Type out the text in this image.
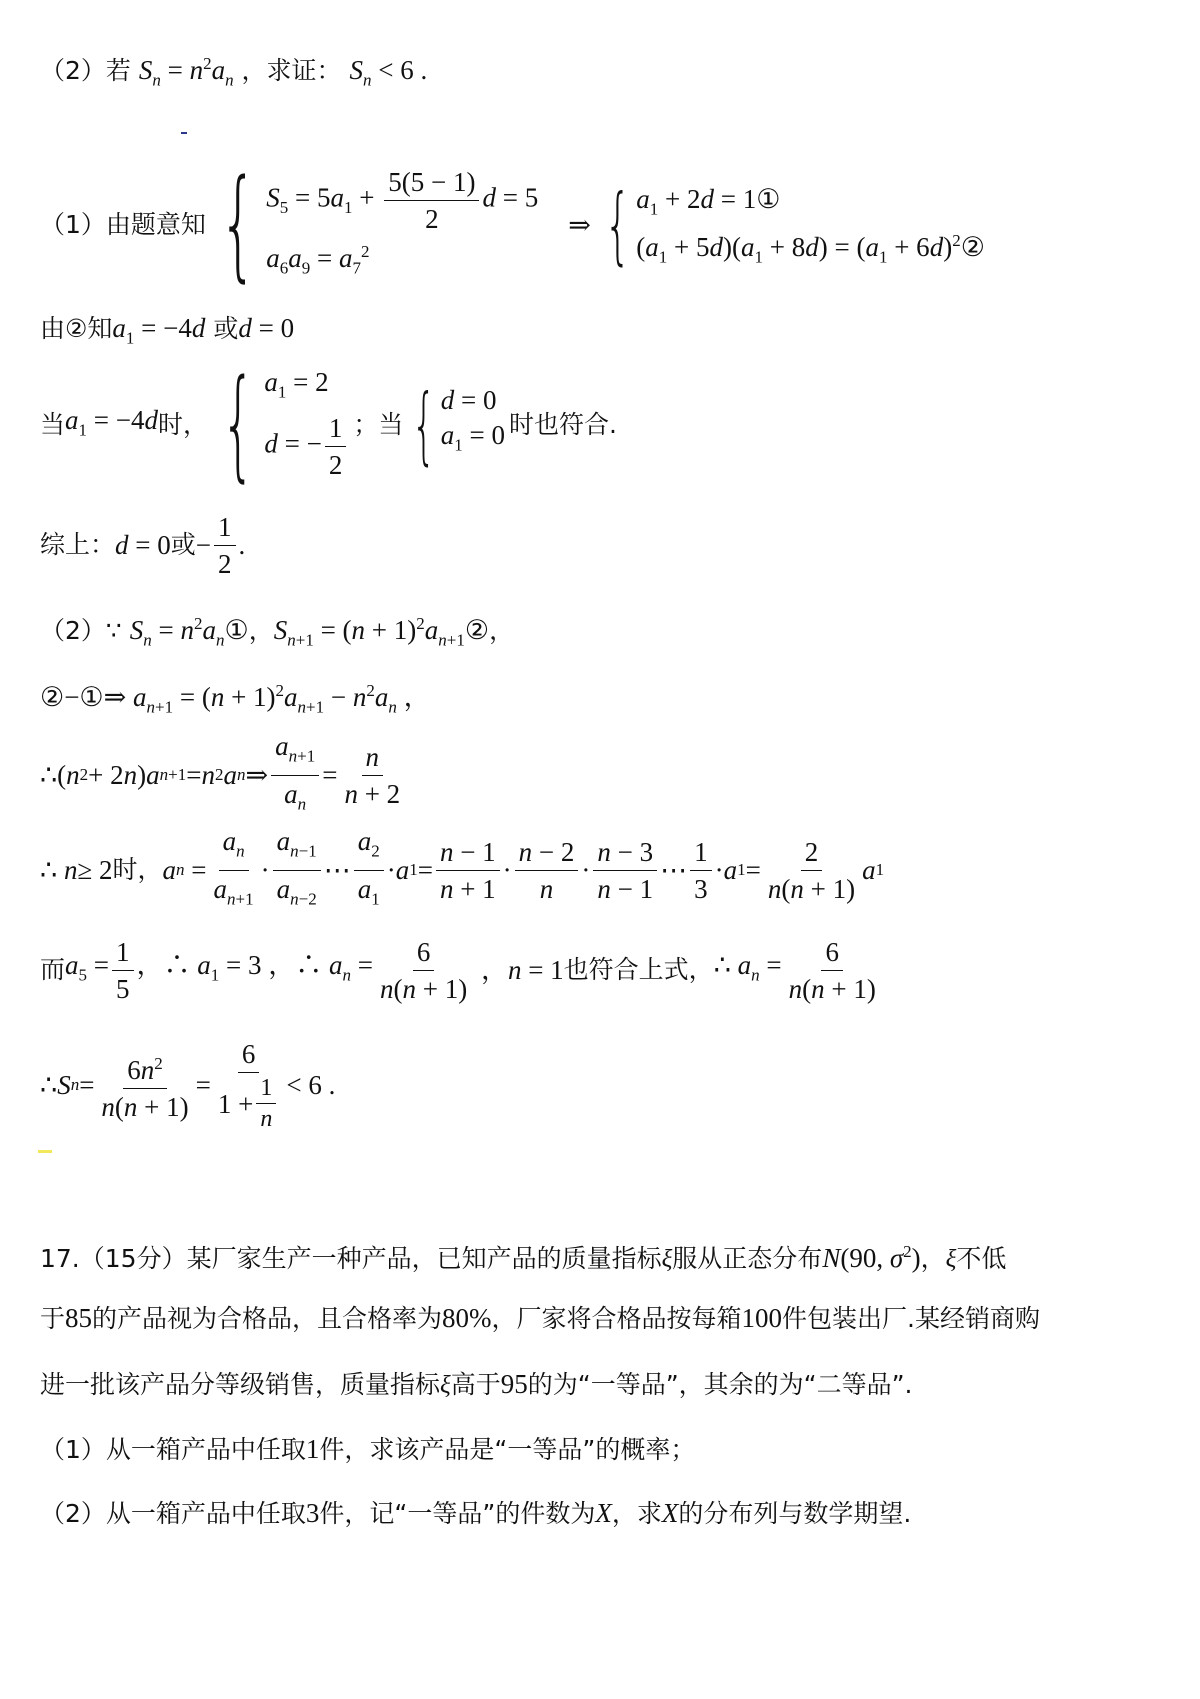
（2）若 $S_n = n^2a_n$ ，求证： $S_n < 6$ .
（1）由题意知 { $S_5 = 5a_1 + \frac{5(5 - 1)}{2}$ d = 5
$a_6a_9 = a_7^2$
⇒ { $a_1 + 2d$ = 1①
$(a_1 + 5d)(a_1 + 8d) = (a_1$ + $6d)^2②$
由②知$a_1 = -4d$ 或d = 0
当 $a_1 = -4d$ 时， { $a_1 = 2$
d = − $\frac{1}{2}$ ；当 { d = 0
$a_1 = 0$ 时也符合.
综上： d = 0 或 − $\frac{1}{2}$ .
（2）∵ $S_n$ = $n^2a_n①$，$S_{n+1} = (n$ + $1)^2a_{n+1}②$，
②−①⇒ $a_{n+1} = (n + 1)^2a_{n+1} - n^2a_n$ ，
∴( n 2 + 2 n ) a n+1 = n 2 a n ⇒ $\frac{a_{n+1}}{a_n} = \frac{n}{n + 2}$
∴ n ≥ 2 时， a $n = \frac{a_n}{a_{n+1}} \cdot \frac{a_{n-1}}{a_{n-2}}$ ⋯ $\frac{a_2}{a_1} \cdot a$ $1 = \frac{n - 1}{n + 1} \cdot \frac{n - 2}{n} \cdot \frac{n - 3}{n - 1}$ ⋯ $\frac{1}{3} \cdot a$ $1 = \frac{2}{n(n + 1)}$ a 1
而 $a_5 = \frac{1}{5}$ ，∴ $a_1 = 3$ ，∴ $a_n = \frac{6}{n(n + 1)}$ ，n = 1 也符合上式， ∴ $a_n = \frac{6}{n(n + 1)}$
∴ S $n = \frac{6n^2}{n(n + 1)} = \frac{6}{1 + \frac{1}{n}} < 6$ .
17.（15分）某厂家生产一种产品，已知产品的质量指标ξ服从正态分布N(90, $\sigma^2$)，ξ不低
于85的产品视为合格品，且合格率为80%，厂家将合格品按每箱100件包装出厂.某经销商购
进一批该产品分等级销售，质量指标ξ高于95的为“一等品”，其余的为“二等品”.
（1）从一箱产品中任取1件，求该产品是“一等品”的概率；
（2）从一箱产品中任取3件，记“一等品”的件数为X，求X的分布列与数学期望.
